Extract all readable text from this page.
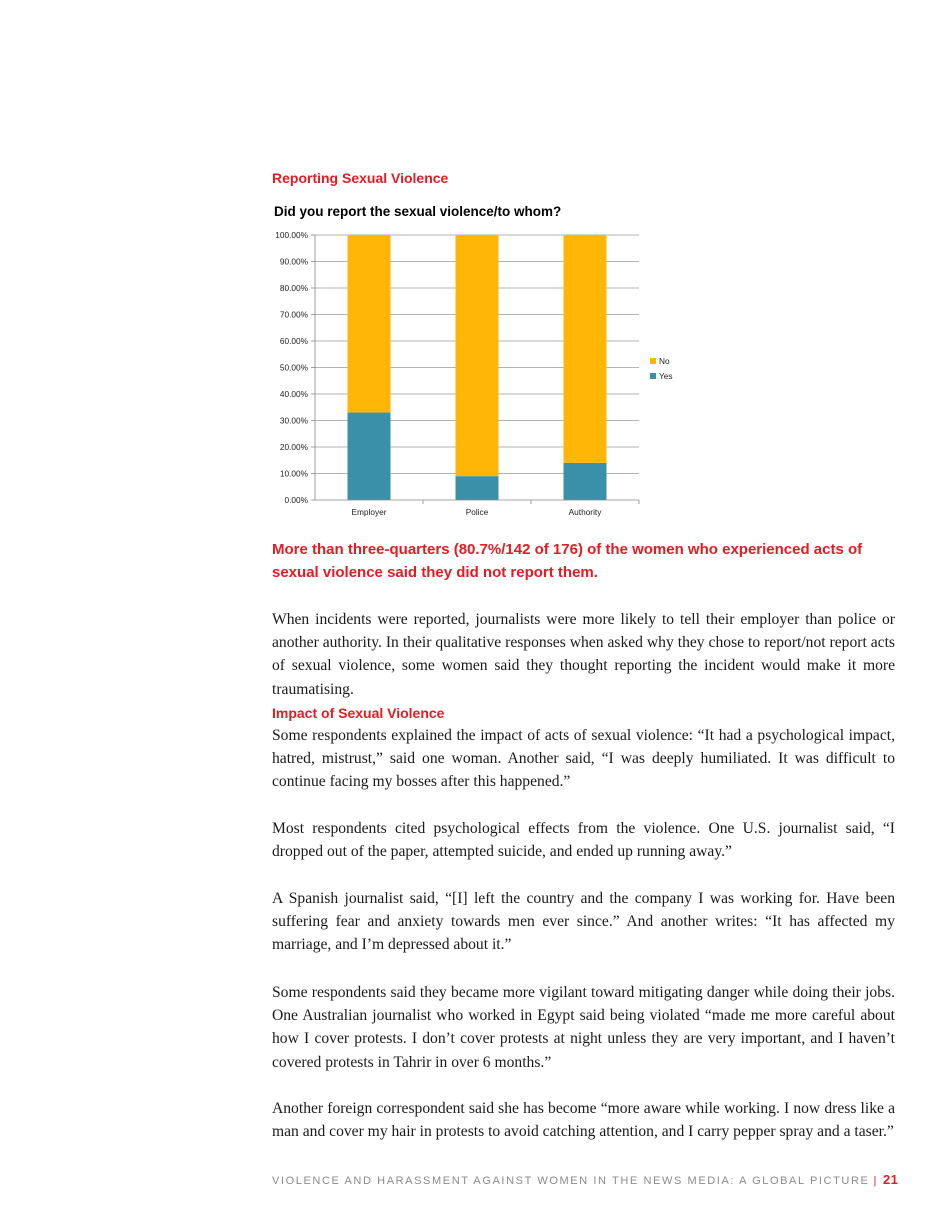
Reporting Sexual Violence
Did you report the sexual violence/to whom?
0.00%
10.00%
20.00%
30.00%
40.00%
50.00%
60.00%
70.00%
80.00%
90.00%
100.00%
Employer	Police	Authority
No
Yes
More than three-quarters (80.7%/142 of 176) of the women who experienced acts of sexual violence said they did not report them.

When incidents were reported, journalists were more likely to tell their employer than police or another authority. In their qualitative responses when asked why they chose to report/not report acts of sexual violence, some women said they thought reporting the incident would make it more traumatising.

Impact of Sexual Violence

Some respondents explained the impact of acts of sexual violence: “It had a psychological impact, hatred, mistrust,” said one woman. Another said, “I was deeply humiliated. It was difficult to continue facing my bosses after this happened.”

Most respondents cited psychological effects from the violence. One U.S. journalist said, “I dropped out of the paper, attempted suicide, and ended up running away.”

A Spanish journalist said, “[I] left the country and the company I was working for. Have been suffering fear and anxiety towards men ever since.” And another writes: “It has affected my marriage, and I’m depressed about it.”

Some respondents said they became more vigilant toward mitigating danger while doing their jobs. One Australian journalist who worked in Egypt said being violated “made me more careful about how I cover protests. I don’t cover protests at night unless they are very important, and I haven’t covered protests in Tahrir in over 6 months.”

Another foreign correspondent said she has become “more aware while working. I now dress like a man and cover my hair in protests to avoid catching attention, and I carry pepper spray and a taser.”

VIOLENCE AND HARASSMENT AGAINST WOMEN IN THE NEWS MEDIA: A GLOBAL PICTURE | 21
